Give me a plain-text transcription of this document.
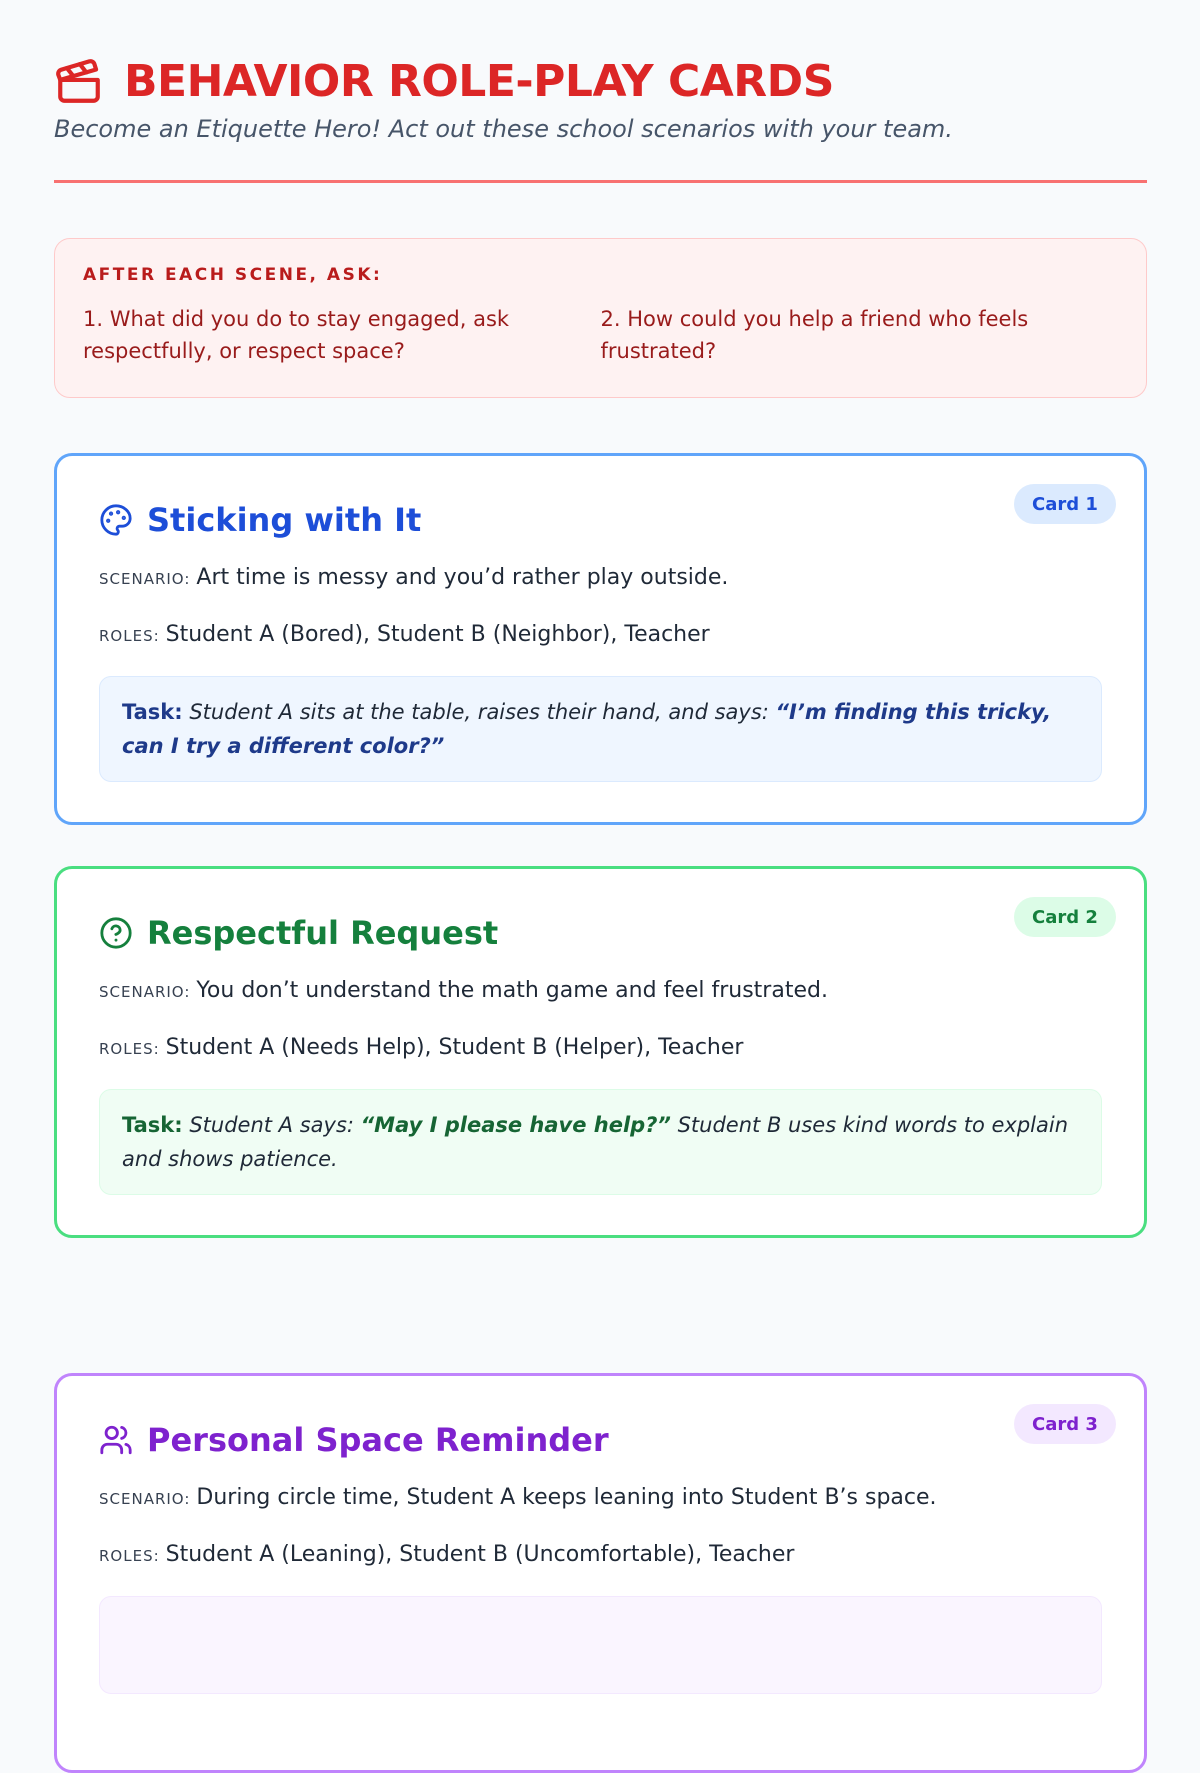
BEHAVIOR ROLE-PLAY CARDS
Become an Etiquette Hero! Act out these school scenarios with your team.
AFTER EACH SCENE, ASK:
1. What did you do to stay engaged, ask respectfully, or respect space?
2. How could you help a friend who feels frustrated?
Card 1
Sticking with It
SCENARIO: Art time is messy and you’d rather play outside.
ROLES: Student A (Bored), Student B (Neighbor), Teacher
Task: Student A sits at the table, raises their hand, and says: “I’m finding this tricky, can I try a different color?”
Card 2
Respectful Request
SCENARIO: You don’t understand the math game and feel frustrated.
ROLES: Student A (Needs Help), Student B (Helper), Teacher
Task: Student A says: “May I please have help?” Student B uses kind words to explain and shows patience.
Card 3
Personal Space Reminder
SCENARIO: During circle time, Student A keeps leaning into Student B’s space.
ROLES: Student A (Leaning), Student B (Uncomfortable), Teacher
